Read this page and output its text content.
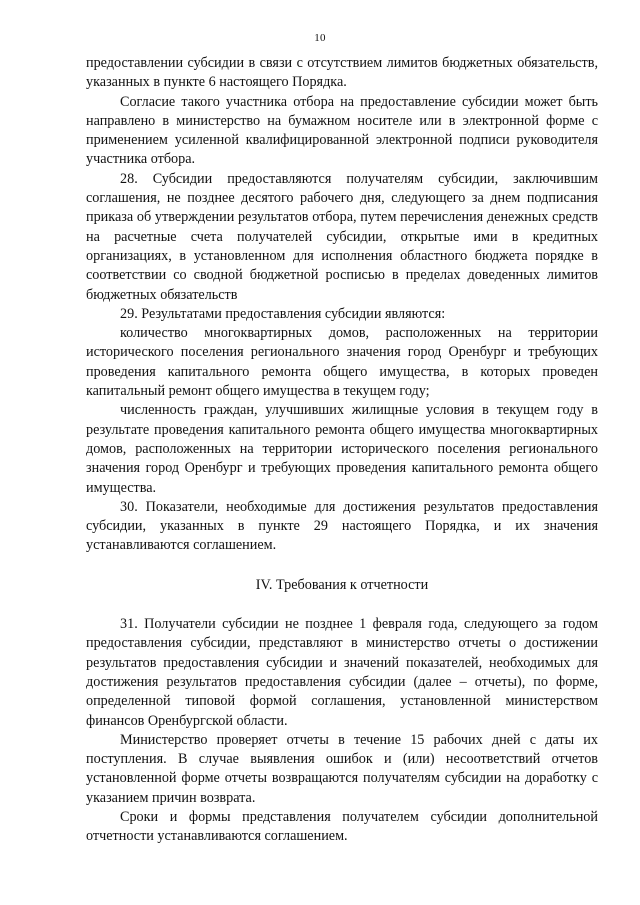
10

предоставлении субсидии в связи с отсутствием лимитов бюджетных обязательств, указанных в пункте 6 настоящего Порядка.

Согласие такого участника отбора на предоставление субсидии может быть направлено в министерство на бумажном носителе или в электронной форме с применением усиленной квалифицированной электронной подписи руководителя участника отбора.

28. Субсидии предоставляются получателям субсидии, заключившим соглашения, не позднее десятого рабочего дня, следующего за днем подписания приказа об утверждении результатов отбора, путем перечисления денежных средств на расчетные счета получателей субсидии, открытые ими в кредитных организациях, в установленном для исполнения областного бюджета порядке в соответствии со сводной бюджетной росписью в пределах доведенных лимитов бюджетных обязательств

29. Результатами предоставления субсидии являются:

количество многоквартирных домов, расположенных на территории исторического поселения регионального значения город Оренбург и требующих проведения капитального ремонта общего имущества, в которых проведен капитальный ремонт общего имущества в текущем году;

численность граждан, улучшивших жилищные условия в текущем году в результате проведения капитального ремонта общего имущества многоквартирных домов, расположенных на территории исторического поселения регионального значения город Оренбург и требующих проведения капитального ремонта общего имущества.

30. Показатели, необходимые для достижения результатов предоставления субсидии, указанных в пункте 29 настоящего Порядка, и их значения устанавливаются соглашением.

IV. Требования к отчетности

31. Получатели субсидии не позднее 1 февраля года, следующего за годом предоставления субсидии, представляют в министерство отчеты о достижении результатов предоставления субсидии и значений показателей, необходимых для достижения результатов предоставления субсидии (далее – отчеты), по форме, определенной типовой формой соглашения, установленной министерством финансов Оренбургской области.

Министерство проверяет отчеты в течение 15 рабочих дней с даты их поступления. В случае выявления ошибок и (или) несоответствий отчетов установленной форме отчеты возвращаются получателям субсидии на доработку с указанием причин возврата.

Сроки и формы представления получателем субсидии дополнительной отчетности устанавливаются соглашением.
